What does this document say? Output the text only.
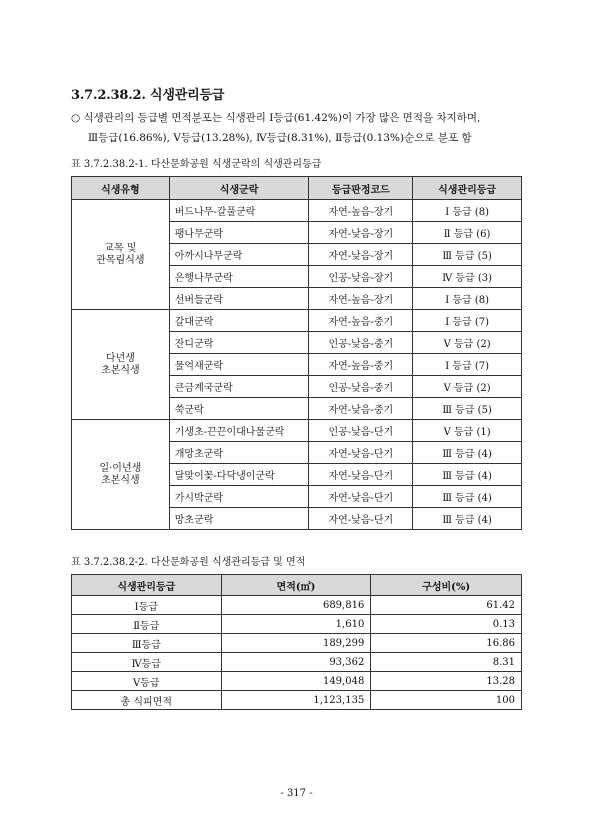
3.7.2.38.2. 식생관리등급
○ 식생관리의 등급별 면적분포는 식생관리 Ⅰ등급(61.42%)이 가장 많은 면적을 차지하며,
Ⅲ등급(16.86%), Ⅴ등급(13.28%), Ⅳ등급(8.31%), Ⅱ등급(0.13%)순으로 분포 함
표 3.7.2.38.2-1. 다산문화공원 식생군락의 식생관리등급
식생유형	식생군락	등급판정코드	식생관리등급

교목 및
관목림식생	버드나무-갈풀군락	자연-높음-장기	Ⅰ 등급 (8)
	팽나무군락	자연-낮음-장기	Ⅱ 등급 (6)
	아까시나무군락	자연-낮음-장기	Ⅲ 등급 (5)
	은행나무군락	인공-낮음-장기	Ⅳ 등급 (3)
	선버들군락	자연-높음-장기	Ⅰ 등급 (8)

다년생
초본식생	갈대군락	자연-높음-중기	Ⅰ 등급 (7)
	잔디군락	인공-낮음-중기	Ⅴ 등급 (2)
	물억새군락	자연-높음-중기	Ⅰ 등급 (7)
	큰금계국군락	인공-낮음-중기	Ⅴ 등급 (2)
	쑥군락	자연-낮음-중기	Ⅲ 등급 (5)

일·이년생
초본식생	기생초-끈끈이대나물군락	인공-낮음-단기	Ⅴ 등급 (1)
	개망초군락	자연-낮음-단기	Ⅲ 등급 (4)
	달맞이꽃-다닥냉이군락	자연-낮음-단기	Ⅲ 등급 (4)
	가시박군락	자연-낮음-단기	Ⅲ 등급 (4)
	망초군락	자연-낮음-단기	Ⅲ 등급 (4)
표 3.7.2.38.2-2. 다산문화공원 식생관리등급 및 면적
식생관리등급	면적(㎡)	구성비(%)
Ⅰ등급	689,816	61.42
Ⅱ등급	1,610	0.13
Ⅲ등급	189,299	16.86
Ⅳ등급	93,362	8.31
Ⅴ등급	149,048	13.28
총 식피면적	1,123,135	100
- 317 -
